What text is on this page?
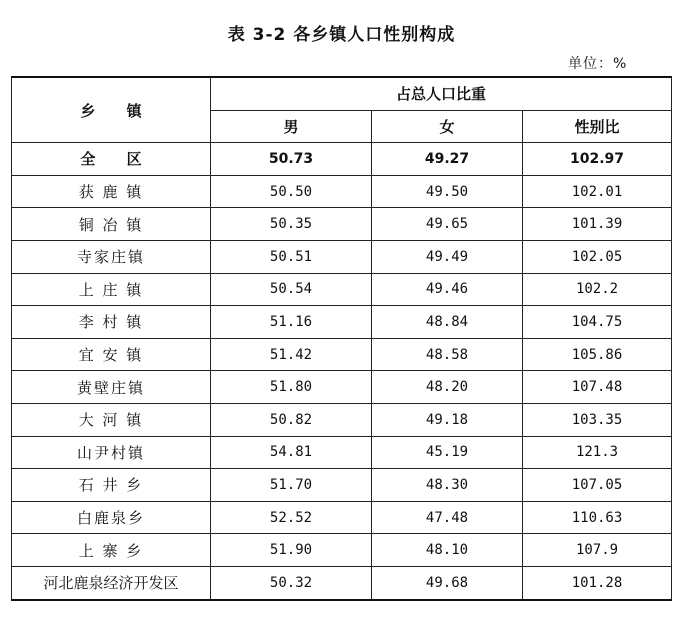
表 3-2 各乡镇人口性别构成
单位：%
乡      镇	占总人口比重		
	男	女	性别比
全      区	50.73	49.27	102.97
获 鹿 镇	50.50	49.50	102.01
铜 冶 镇	50.35	49.65	101.39
寺家庄镇	50.51	49.49	102.05
上 庄 镇	50.54	49.46	102.2
李 村 镇	51.16	48.84	104.75
宜 安 镇	51.42	48.58	105.86
黄壁庄镇	51.80	48.20	107.48
大 河 镇	50.82	49.18	103.35
山尹村镇	54.81	45.19	121.3
石 井 乡	51.70	48.30	107.05
白鹿泉乡	52.52	47.48	110.63
上 寨 乡	51.90	48.10	107.9
河北鹿泉经济开发区	50.32	49.68	101.28
